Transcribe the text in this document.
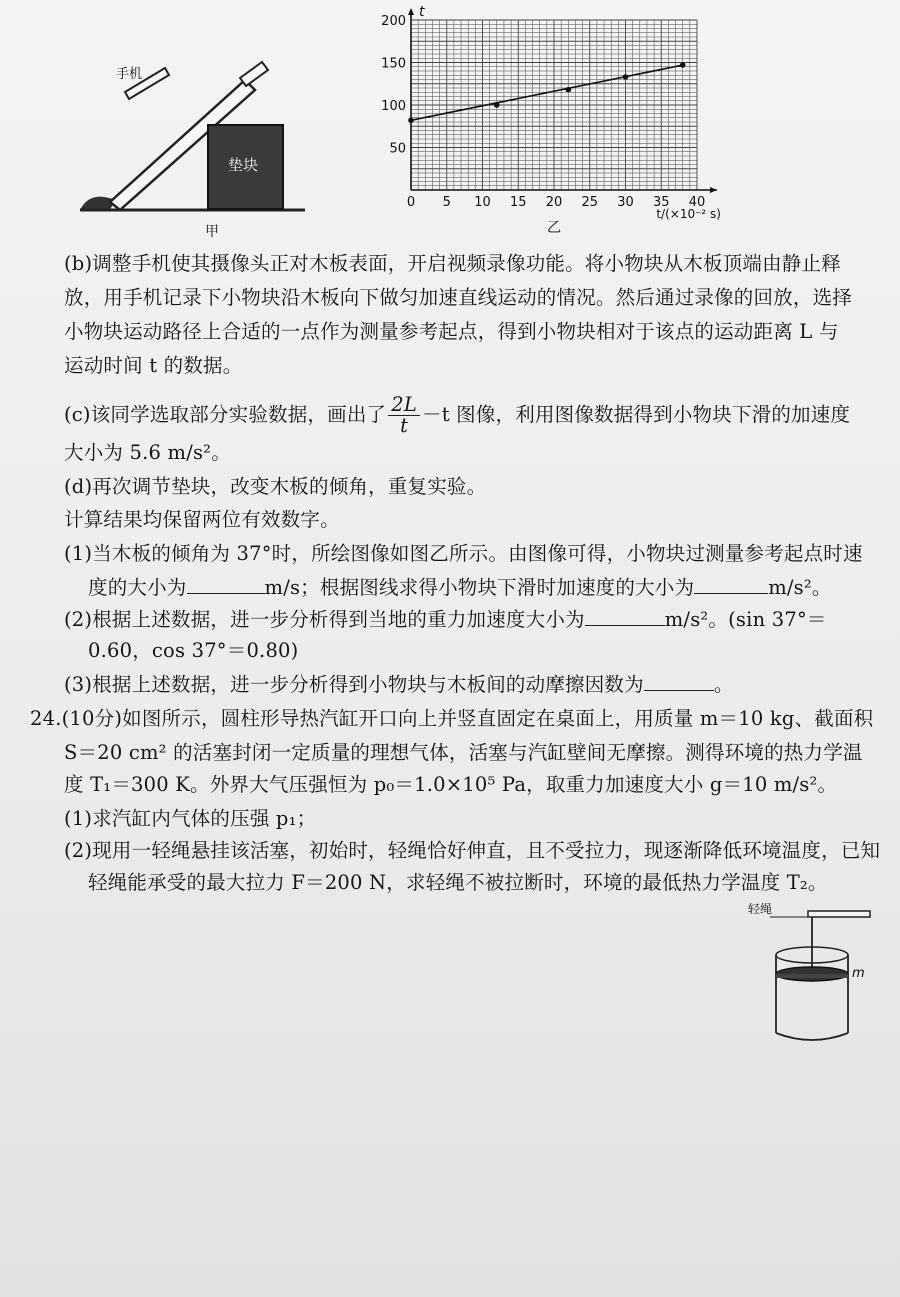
手机
垫块
甲
200
150
100
50
0 5 10 15 20 25 30 35 40
t
t/(×10⁻² s)
乙
(b)调整手机使其摄像头正对木板表面，开启视频录像功能。将小物块从木板顶端由静止释
放，用手机记录下小物块沿木板向下做匀加速直线运动的情况。然后通过录像的回放，选择
小物块运动路径上合适的一点作为测量参考起点，得到小物块相对于该点的运动距离 L 与
运动时间 t 的数据。
(c)该同学选取部分实验数据，画出了 $\frac{2L}{t} -t$ 图像，利用图像数据得到小物块下滑的加速度
大小为 5.6 m/s²。
(d)再次调节垫块，改变木板的倾角，重复实验。
计算结果均保留两位有效数字。
(1)当木板的倾角为 37°时，所绘图像如图乙所示。由图像可得，小物块过测量参考起点时速
度的大小为	m/s；根据图线求得小物块下滑时加速度的大小为	m/s²。
(2)根据上述数据，进一步分析得到当地的重力加速度大小为	m/s²。(sin 37°＝
0.60，cos 37°＝0.80)
(3)根据上述数据，进一步分析得到小物块与木板间的动摩擦因数为	。
24.(10分)如图所示，圆柱形导热汽缸开口向上并竖直固定在桌面上，用质量 m＝10 kg、截面积
S＝20 cm² 的活塞封闭一定质量的理想气体，活塞与汽缸壁间无摩擦。测得环境的热力学温
度 T₁＝300 K。外界大气压强恒为 p₀＝1.0×10⁵ Pa，取重力加速度大小 g＝10 m/s²。
(1)求汽缸内气体的压强 p₁；
(2)现用一轻绳悬挂该活塞，初始时，轻绳恰好伸直，且不受拉力，现逐渐降低环境温度，已知
轻绳能承受的最大拉力 F＝200 N，求轻绳不被拉断时，环境的最低热力学温度 T₂。
轻绳
m
